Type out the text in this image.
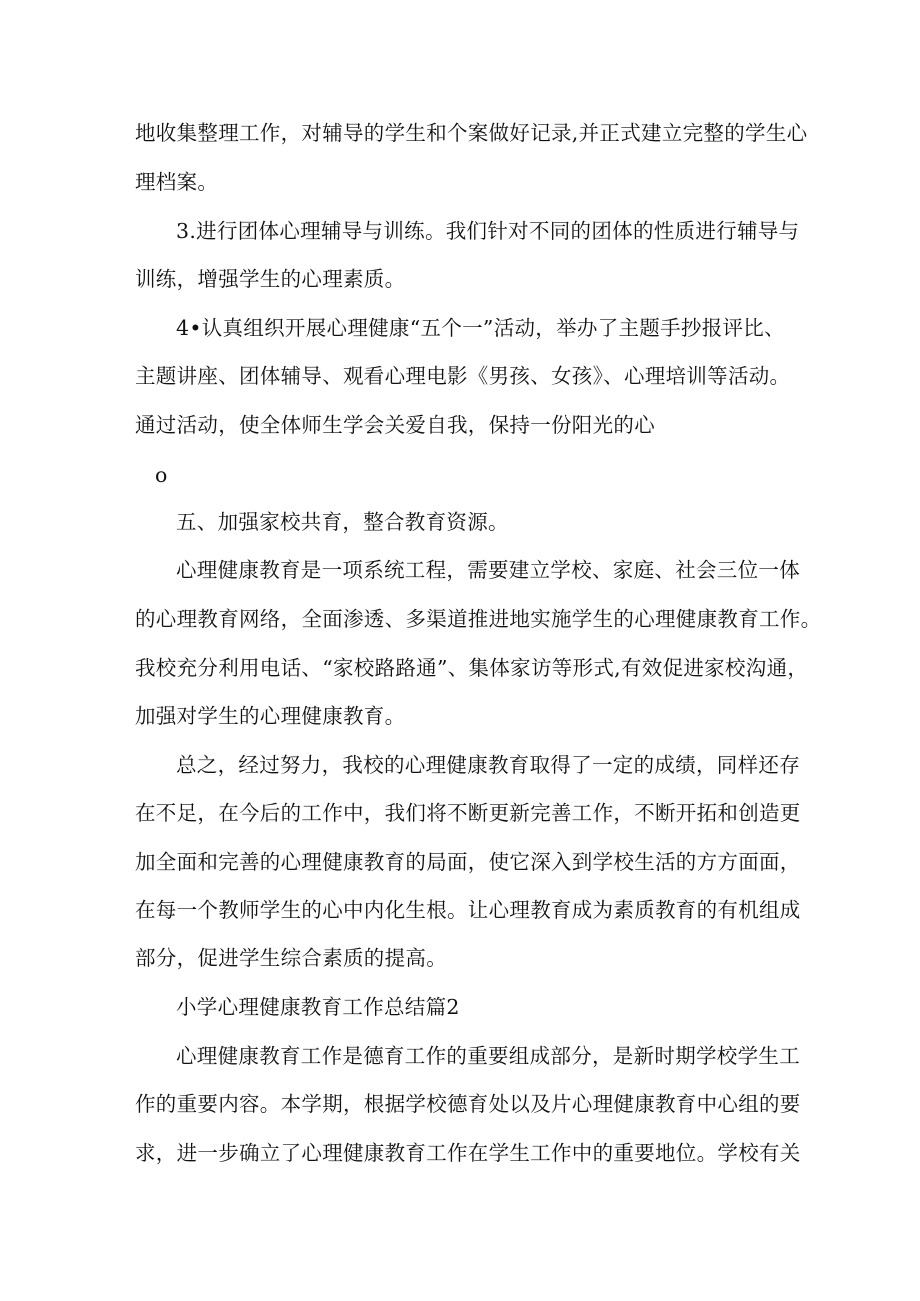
地收集整理工作，对辅导的学生和个案做好记录,并正式建立完整的学生心
理档案。
3.进行团体心理辅导与训练。我们针对不同的团体的性质进行辅导与
训练，增强学生的心理素质。
4•认真组织开展心理健康“五个一”活动，举办了主题手抄报评比、
主题讲座、团体辅导、观看心理电影《男孩、女孩》、心理培训等活动。
通过活动，使全体师生学会关爱自我，保持一份阳光的心
o
五、加强家校共育，整合教育资源。
心理健康教育是一项系统工程，需要建立学校、家庭、社会三位一体
的心理教育网络，全面渗透、多渠道推进地实施学生的心理健康教育工作。
我校充分利用电话、“家校路路通”、集体家访等形式,有效促进家校沟通，
加强对学生的心理健康教育。
总之，经过努力，我校的心理健康教育取得了一定的成绩，同样还存
在不足，在今后的工作中，我们将不断更新完善工作，不断开拓和创造更
加全面和完善的心理健康教育的局面，使它深入到学校生活的方方面面，
在每一个教师学生的心中内化生根。让心理教育成为素质教育的有机组成
部分，促进学生综合素质的提高。
小学心理健康教育工作总结篇2
心理健康教育工作是德育工作的重要组成部分，是新时期学校学生工
作的重要内容。本学期，根据学校德育处以及片心理健康教育中心组的要
求，进一步确立了心理健康教育工作在学生工作中的重要地位。学校有关
